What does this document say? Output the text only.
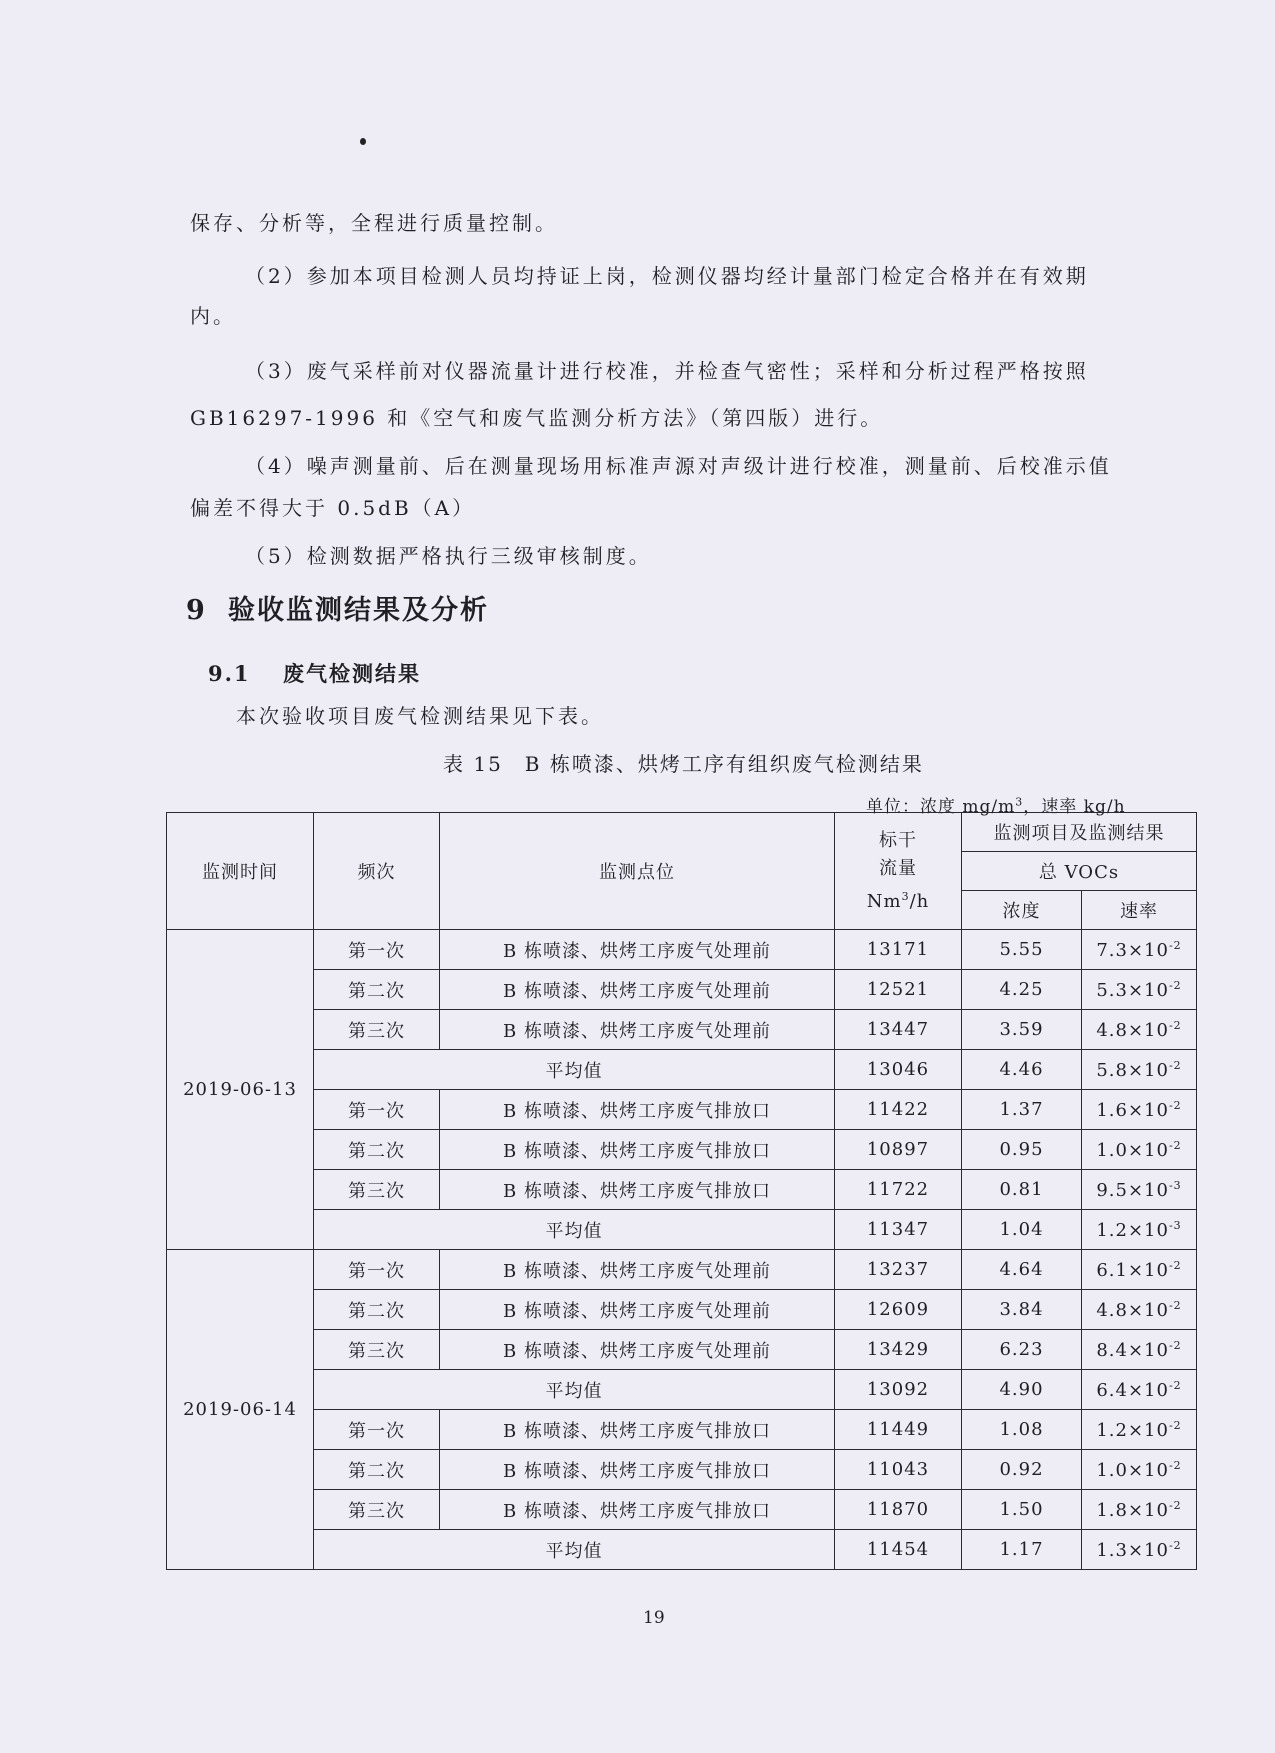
保存、分析等，全程进行质量控制。
（2）参加本项目检测人员均持证上岗，检测仪器均经计量部门检定合格并在有效期
内。
（3）废气采样前对仪器流量计进行校准，并检查气密性；采样和分析过程严格按照
GB16297-1996 和《空气和废气监测分析方法》（第四版）进行。
（4）噪声测量前、后在测量现场用标准声源对声级计进行校准，测量前、后校准示值
偏差不得大于 0.5dB（A）
（5）检测数据严格执行三级审核制度。
9 验收监测结果及分析
9.1 废气检测结果
本次验收项目废气检测结果见下表。
表 15　B 栋喷漆、烘烤工序有组织废气检测结果
单位：浓度 $mg/m^3$，速率 kg/h
监测时间	频次	监测点位	标干
流量
Nm$^3$/h	监测项目及监测结果	
				总 VOCs	
				浓度	速率
2019-06-13	第一次	B 栋喷漆、烘烤工序废气处理前	13171	5.55	$7.3\times 10^{-2}$
	第二次	B 栋喷漆、烘烤工序废气处理前	12521	4.25	$5.3\times 10^{-2}$
	第三次	B 栋喷漆、烘烤工序废气处理前	13447	3.59	$4.8\times 10^{-2}$
	平均值		13046	4.46	$5.8\times 10^{-2}$
	第一次	B 栋喷漆、烘烤工序废气排放口	11422	1.37	$1.6\times 10^{-2}$
	第二次	B 栋喷漆、烘烤工序废气排放口	10897	0.95	$1.0\times 10^{-2}$
	第三次	B 栋喷漆、烘烤工序废气排放口	11722	0.81	$9.5\times 10^{-3}$
	平均值		11347	1.04	$1.2\times 10^{-3}$
2019-06-14	第一次	B 栋喷漆、烘烤工序废气处理前	13237	4.64	$6.1\times 10^{-2}$
	第二次	B 栋喷漆、烘烤工序废气处理前	12609	3.84	$4.8\times 10^{-2}$
	第三次	B 栋喷漆、烘烤工序废气处理前	13429	6.23	$8.4\times 10^{-2}$
	平均值		13092	4.90	$6.4\times 10^{-2}$
	第一次	B 栋喷漆、烘烤工序废气排放口	11449	1.08	$1.2\times 10^{-2}$
	第二次	B 栋喷漆、烘烤工序废气排放口	11043	0.92	$1.0\times 10^{-2}$
	第三次	B 栋喷漆、烘烤工序废气排放口	11870	1.50	$1.8\times 10^{-2}$
	平均值		11454	1.17	$1.3\times 10^{-2}$
19
